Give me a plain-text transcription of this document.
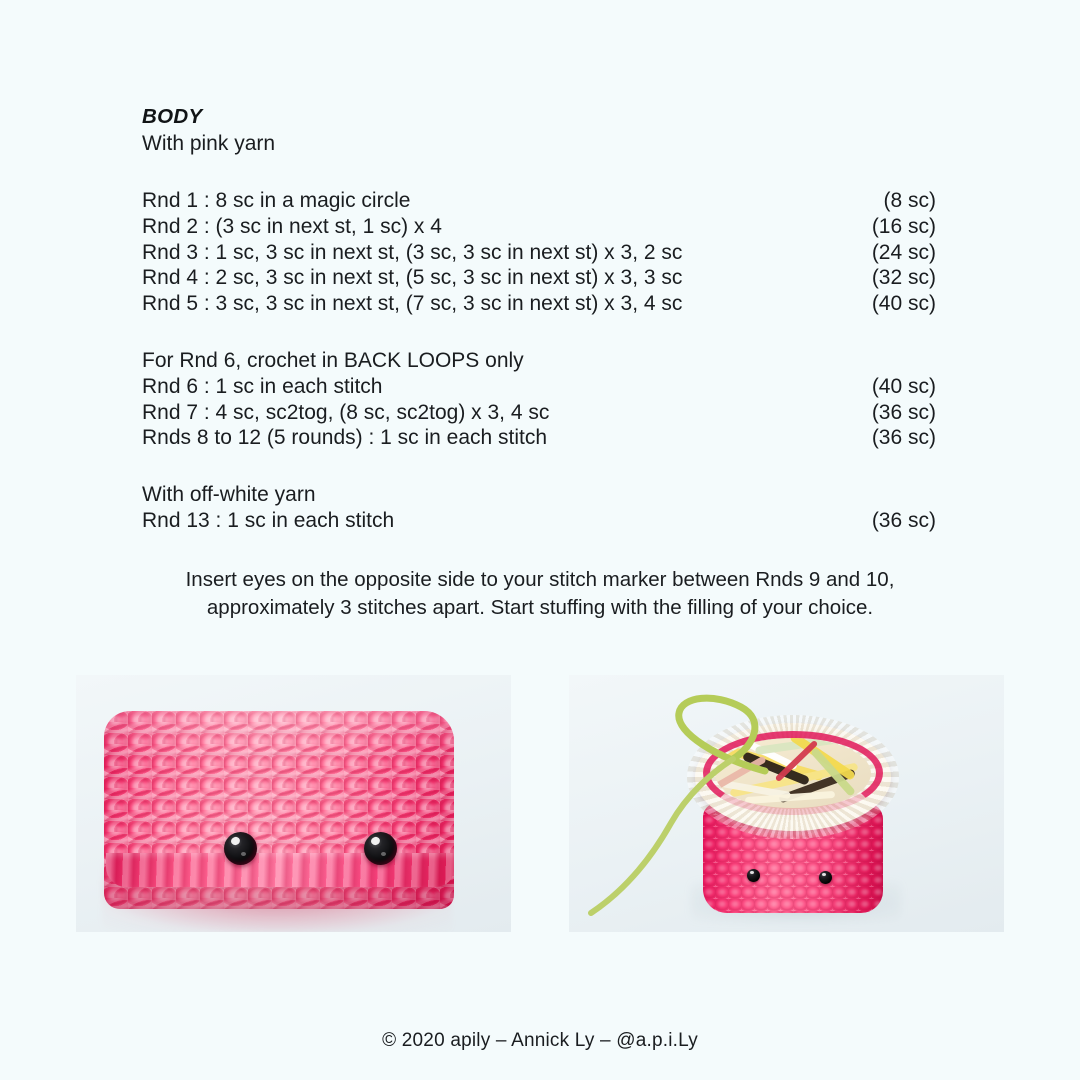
BODY
With pink yarn
Rnd 1 : 8 sc in a magic circle	(8 sc)
Rnd 2 : (3 sc in next st, 1 sc) x 4	(16 sc)
Rnd 3 : 1 sc, 3 sc in next st, (3 sc, 3 sc in next st) x 3, 2 sc	(24 sc)
Rnd 4 : 2 sc, 3 sc in next st, (5 sc, 3 sc in next st) x 3, 3 sc	(32 sc)
Rnd 5 : 3 sc, 3 sc in next st, (7 sc, 3 sc in next st) x 3, 4 sc	(40 sc)
For Rnd 6, crochet in BACK LOOPS only
Rnd 6 : 1 sc in each stitch	(40 sc)
Rnd 7 : 4 sc, sc2tog, (8 sc, sc2tog) x 3, 4 sc	(36 sc)
Rnds 8 to 12 (5 rounds) : 1 sc in each stitch	(36 sc)
With off-white yarn
Rnd 13 : 1 sc in each stitch	(36 sc)
Insert eyes on the opposite side to your stitch marker between Rnds 9 and 10,
approximately 3 stitches apart. Start stuffing with the filling of your choice.
© 2020 apily – Annick Ly – @a.p.i.Ly
